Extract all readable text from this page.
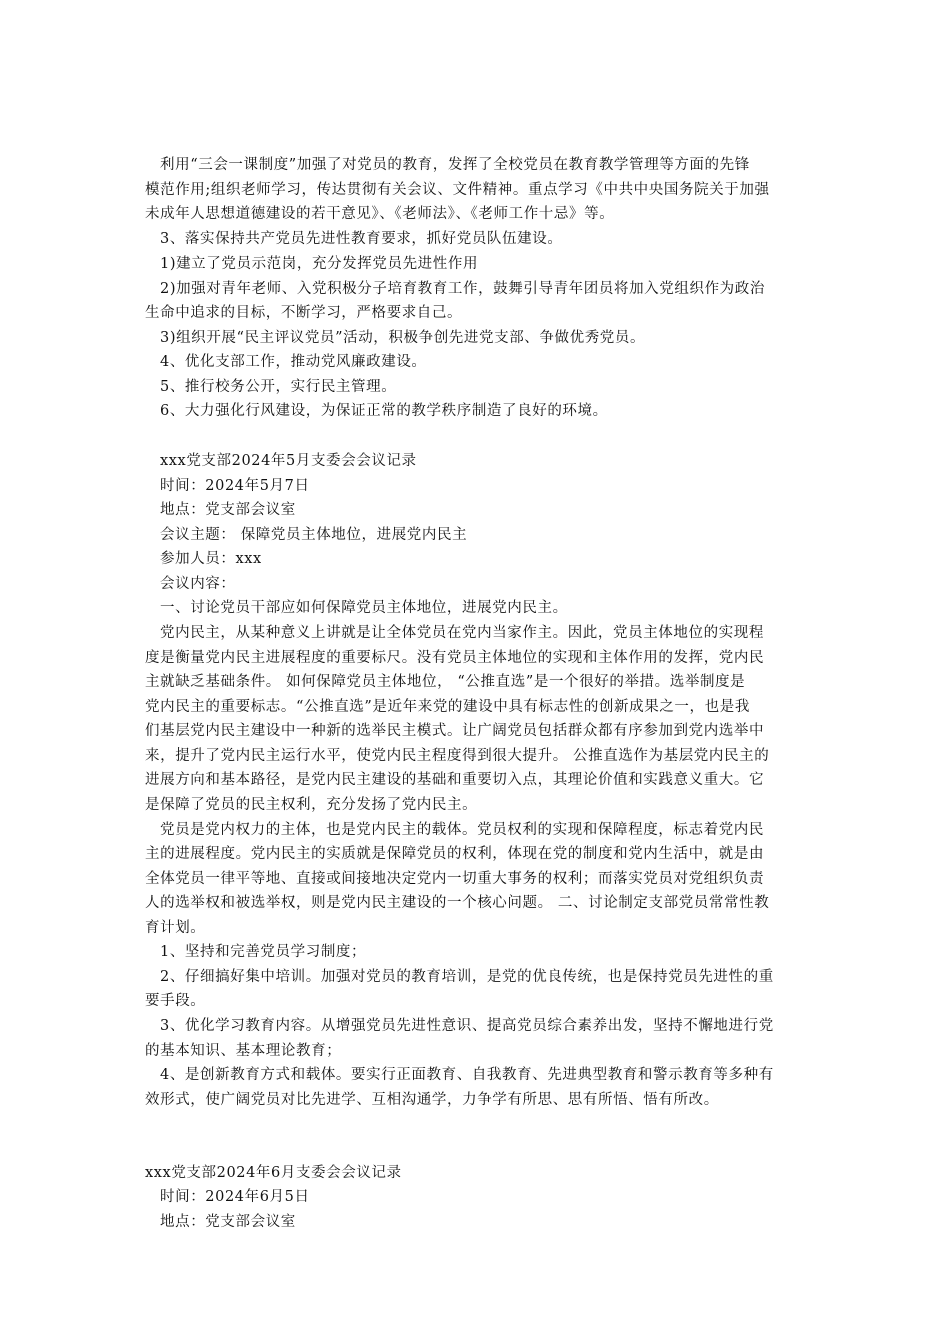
利用“三会一课制度”加强了对党员的教育，发挥了全校党员在教育教学管理等方面的先锋
模范作用;组织老师学习，传达贯彻有关会议、文件精神。重点学习《中共中央国务院关于加强
未成年人思想道德建设的若干意见》、《老师法》、《老师工作十忌》等。
3、落实保持共产党员先进性教育要求，抓好党员队伍建设。
1)建立了党员示范岗，充分发挥党员先进性作用
2)加强对青年老师、入党积极分子培育教育工作，鼓舞引导青年团员将加入党组织作为政治
生命中追求的目标，不断学习，严格要求自己。
3)组织开展“民主评议党员”活动，积极争创先进党支部、争做优秀党员。
4、优化支部工作，推动党风廉政建设。
5、推行校务公开，实行民主管理。
6、大力强化行风建设，为保证正常的教学秩序制造了良好的环境。
xxx党支部2024年5月支委会会议记录
时间：2024年5月7日
地点：党支部会议室
会议主题： 保障党员主体地位，进展党内民主
参加人员：xxx
会议内容：
一、讨论党员干部应如何保障党员主体地位，进展党内民主。
党内民主，从某种意义上讲就是让全体党员在党内当家作主。因此，党员主体地位的实现程
度是衡量党内民主进展程度的重要标尺。没有党员主体地位的实现和主体作用的发挥，党内民
主就缺乏基础条件。 如何保障党员主体地位， “公推直选”是一个很好的举措。选举制度是
党内民主的重要标志。“公推直选”是近年来党的建设中具有标志性的创新成果之一，也是我
们基层党内民主建设中一种新的选举民主模式。让广阔党员包括群众都有序参加到党内选举中
来，提升了党内民主运行水平，使党内民主程度得到很大提升。 公推直选作为基层党内民主的
进展方向和基本路径，是党内民主建设的基础和重要切入点，其理论价值和实践意义重大。它
是保障了党员的民主权利，充分发扬了党内民主。
党员是党内权力的主体，也是党内民主的载体。党员权利的实现和保障程度，标志着党内民
主的进展程度。党内民主的实质就是保障党员的权利，体现在党的制度和党内生活中，就是由
全体党员一律平等地、直接或间接地决定党内一切重大事务的权利；而落实党员对党组织负责
人的选举权和被选举权，则是党内民主建设的一个核心问题。 二、讨论制定支部党员常常性教
育计划。
1、坚持和完善党员学习制度；
2、仔细搞好集中培训。加强对党员的教育培训，是党的优良传统，也是保持党员先进性的重
要手段。
3、优化学习教育内容。从增强党员先进性意识、提高党员综合素养出发，坚持不懈地进行党
的基本知识、基本理论教育；
4、是创新教育方式和载体。要实行正面教育、自我教育、先进典型教育和警示教育等多种有
效形式，使广阔党员对比先进学、互相沟通学，力争学有所思、思有所悟、悟有所改。
xxx党支部2024年6月支委会会议记录
时间：2024年6月5日
地点：党支部会议室
